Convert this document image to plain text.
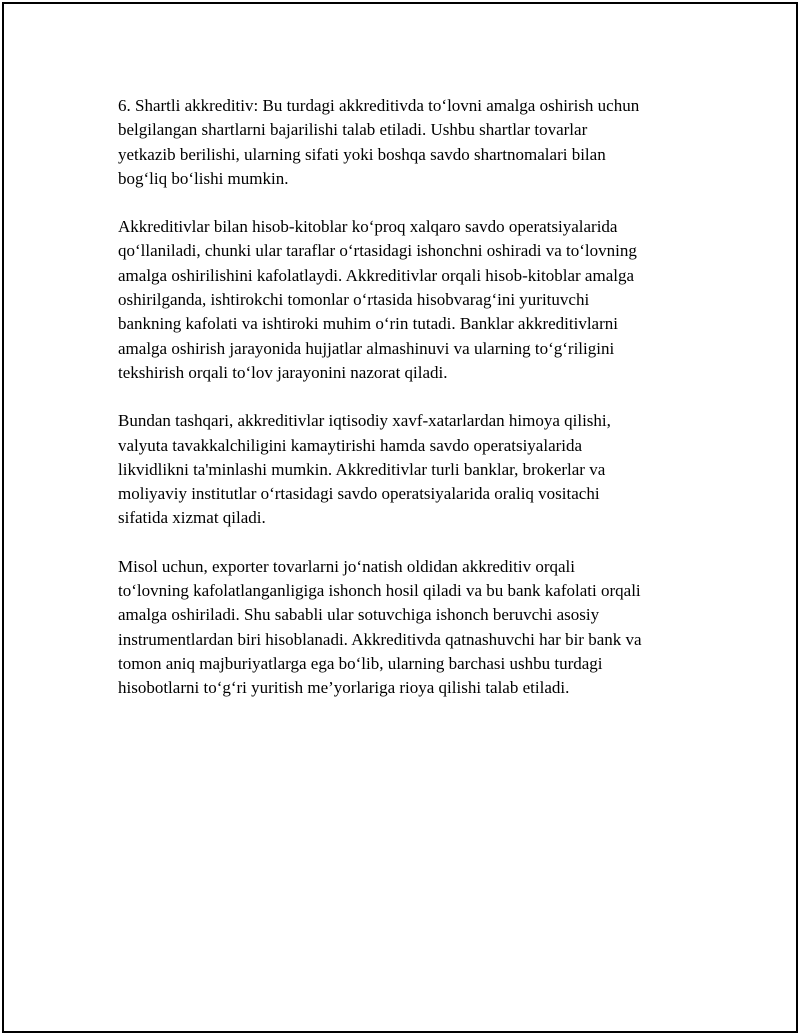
6. Shartli akkreditiv: Bu turdagi akkreditivda to‘lovni amalga oshirish uchun
belgilangan shartlarni bajarilishi talab etiladi. Ushbu shartlar tovarlar
yetkazib berilishi, ularning sifati yoki boshqa savdo shartnomalari bilan
bog‘liq bo‘lishi mumkin.

Akkreditivlar bilan hisob-kitoblar ko‘proq xalqaro savdo operatsiyalarida
qo‘llaniladi, chunki ular taraflar o‘rtasidagi ishonchni oshiradi va to‘lovning
amalga oshirilishini kafolatlaydi. Akkreditivlar orqali hisob-kitoblar amalga
oshirilganda, ishtirokchi tomonlar o‘rtasida hisobvarag‘ini yurituvchi
bankning kafolati va ishtiroki muhim o‘rin tutadi. Banklar akkreditivlarni
amalga oshirish jarayonida hujjatlar almashinuvi va ularning to‘g‘riligini
tekshirish orqali to‘lov jarayonini nazorat qiladi.

Bundan tashqari, akkreditivlar iqtisodiy xavf-xatarlardan himoya qilishi,
valyuta tavakkalchiligini kamaytirishi hamda savdo operatsiyalarida
likvidlikni ta'minlashi mumkin. Akkreditivlar turli banklar, brokerlar va
moliyaviy institutlar o‘rtasidagi savdo operatsiyalarida oraliq vositachi
sifatida xizmat qiladi.

Misol uchun, exporter tovarlarni jo‘natish oldidan akkreditiv orqali
to‘lovning kafolatlanganligiga ishonch hosil qiladi va bu bank kafolati orqali
amalga oshiriladi. Shu sababli ular sotuvchiga ishonch beruvchi asosiy
instrumentlardan biri hisoblanadi. Akkreditivda qatnashuvchi har bir bank va
tomon aniq majburiyatlarga ega bo‘lib, ularning barchasi ushbu turdagi
hisobotlarni to‘g‘ri yuritish me’yorlariga rioya qilishi talab etiladi.
